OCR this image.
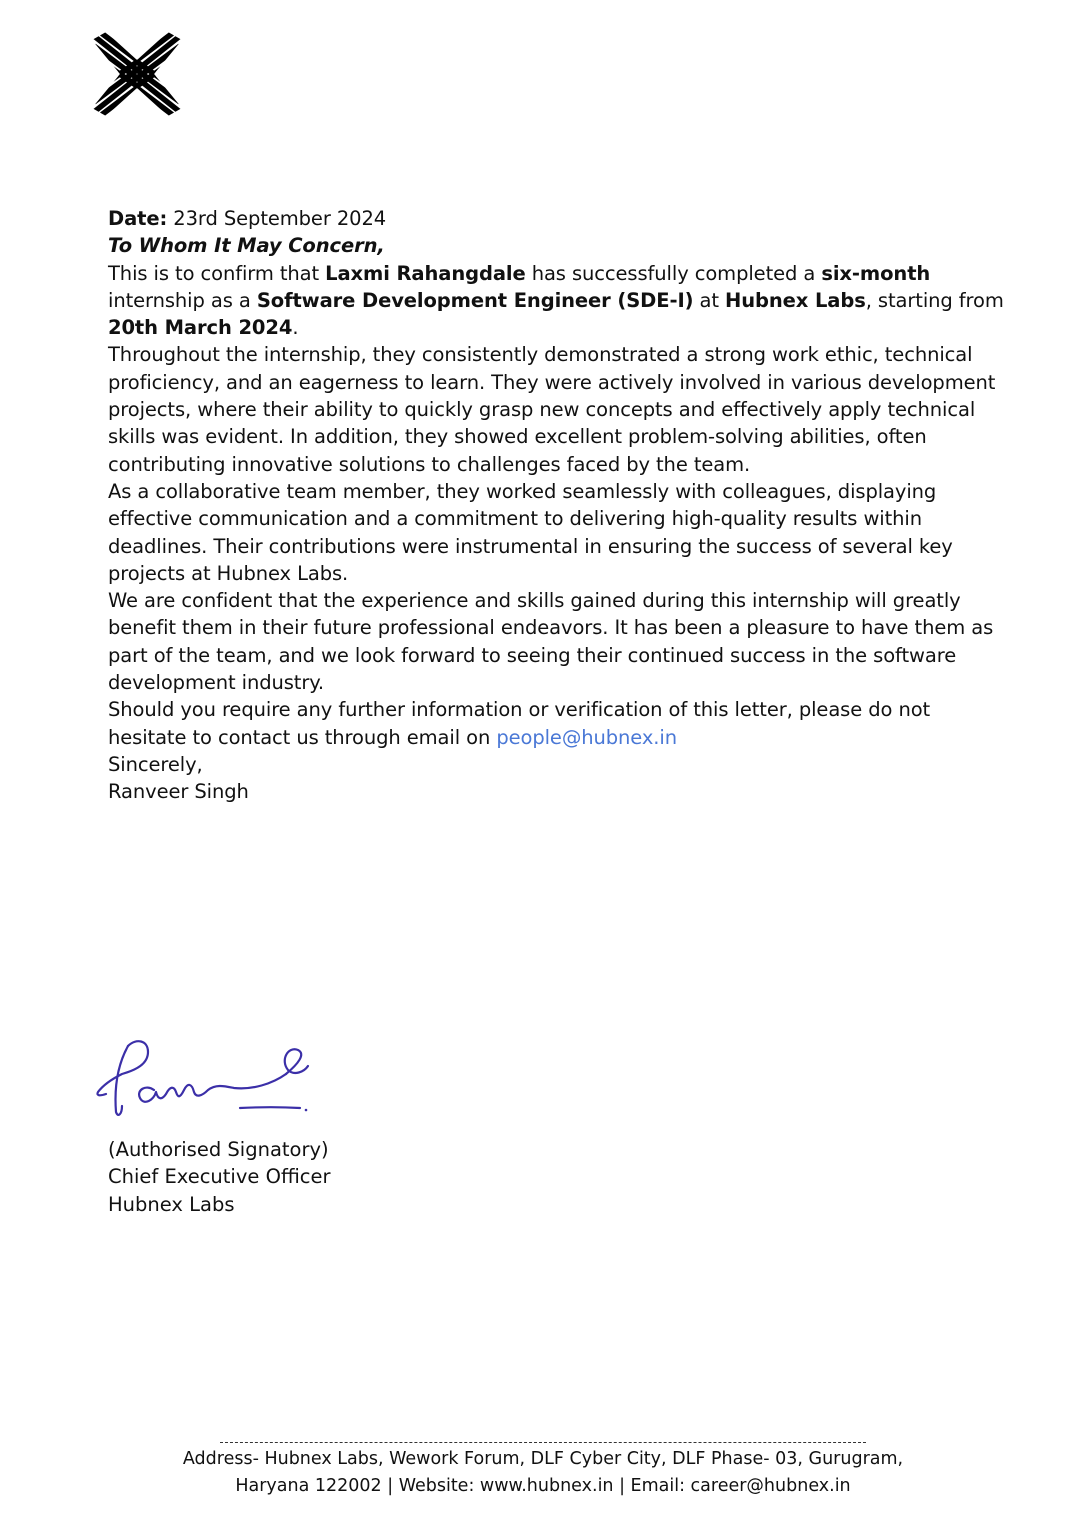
Date: 23rd September 2024

To Whom It May Concern,

This is to confirm that Laxmi Rahangdale has successfully completed a six-month internship as a Software Development Engineer (SDE-I) at Hubnex Labs, starting from 20th March 2024.

Throughout the internship, they consistently demonstrated a strong work ethic, technical proficiency, and an eagerness to learn. They were actively involved in various development projects, where their ability to quickly grasp new concepts and effectively apply technical skills was evident. In addition, they showed excellent problem-solving abilities, often contributing innovative solutions to challenges faced by the team.

As a collaborative team member, they worked seamlessly with colleagues, displaying effective communication and a commitment to delivering high-quality results within deadlines. Their contributions were instrumental in ensuring the success of several key projects at Hubnex Labs.

We are confident that the experience and skills gained during this internship will greatly benefit them in their future professional endeavors. It has been a pleasure to have them as part of the team, and we look forward to seeing their continued success in the software development industry.

Should you require any further information or verification of this letter, please do not hesitate to contact us through email on people@hubnex.in

Sincerely,

Ranveer Singh

(Authorised Signatory)
Chief Executive Officer
Hubnex Labs
Address- Hubnex Labs, Wework Forum, DLF Cyber City, DLF Phase- 03, Gurugram,
Haryana 122002 | Website: www.hubnex.in | Email: career@hubnex.in
